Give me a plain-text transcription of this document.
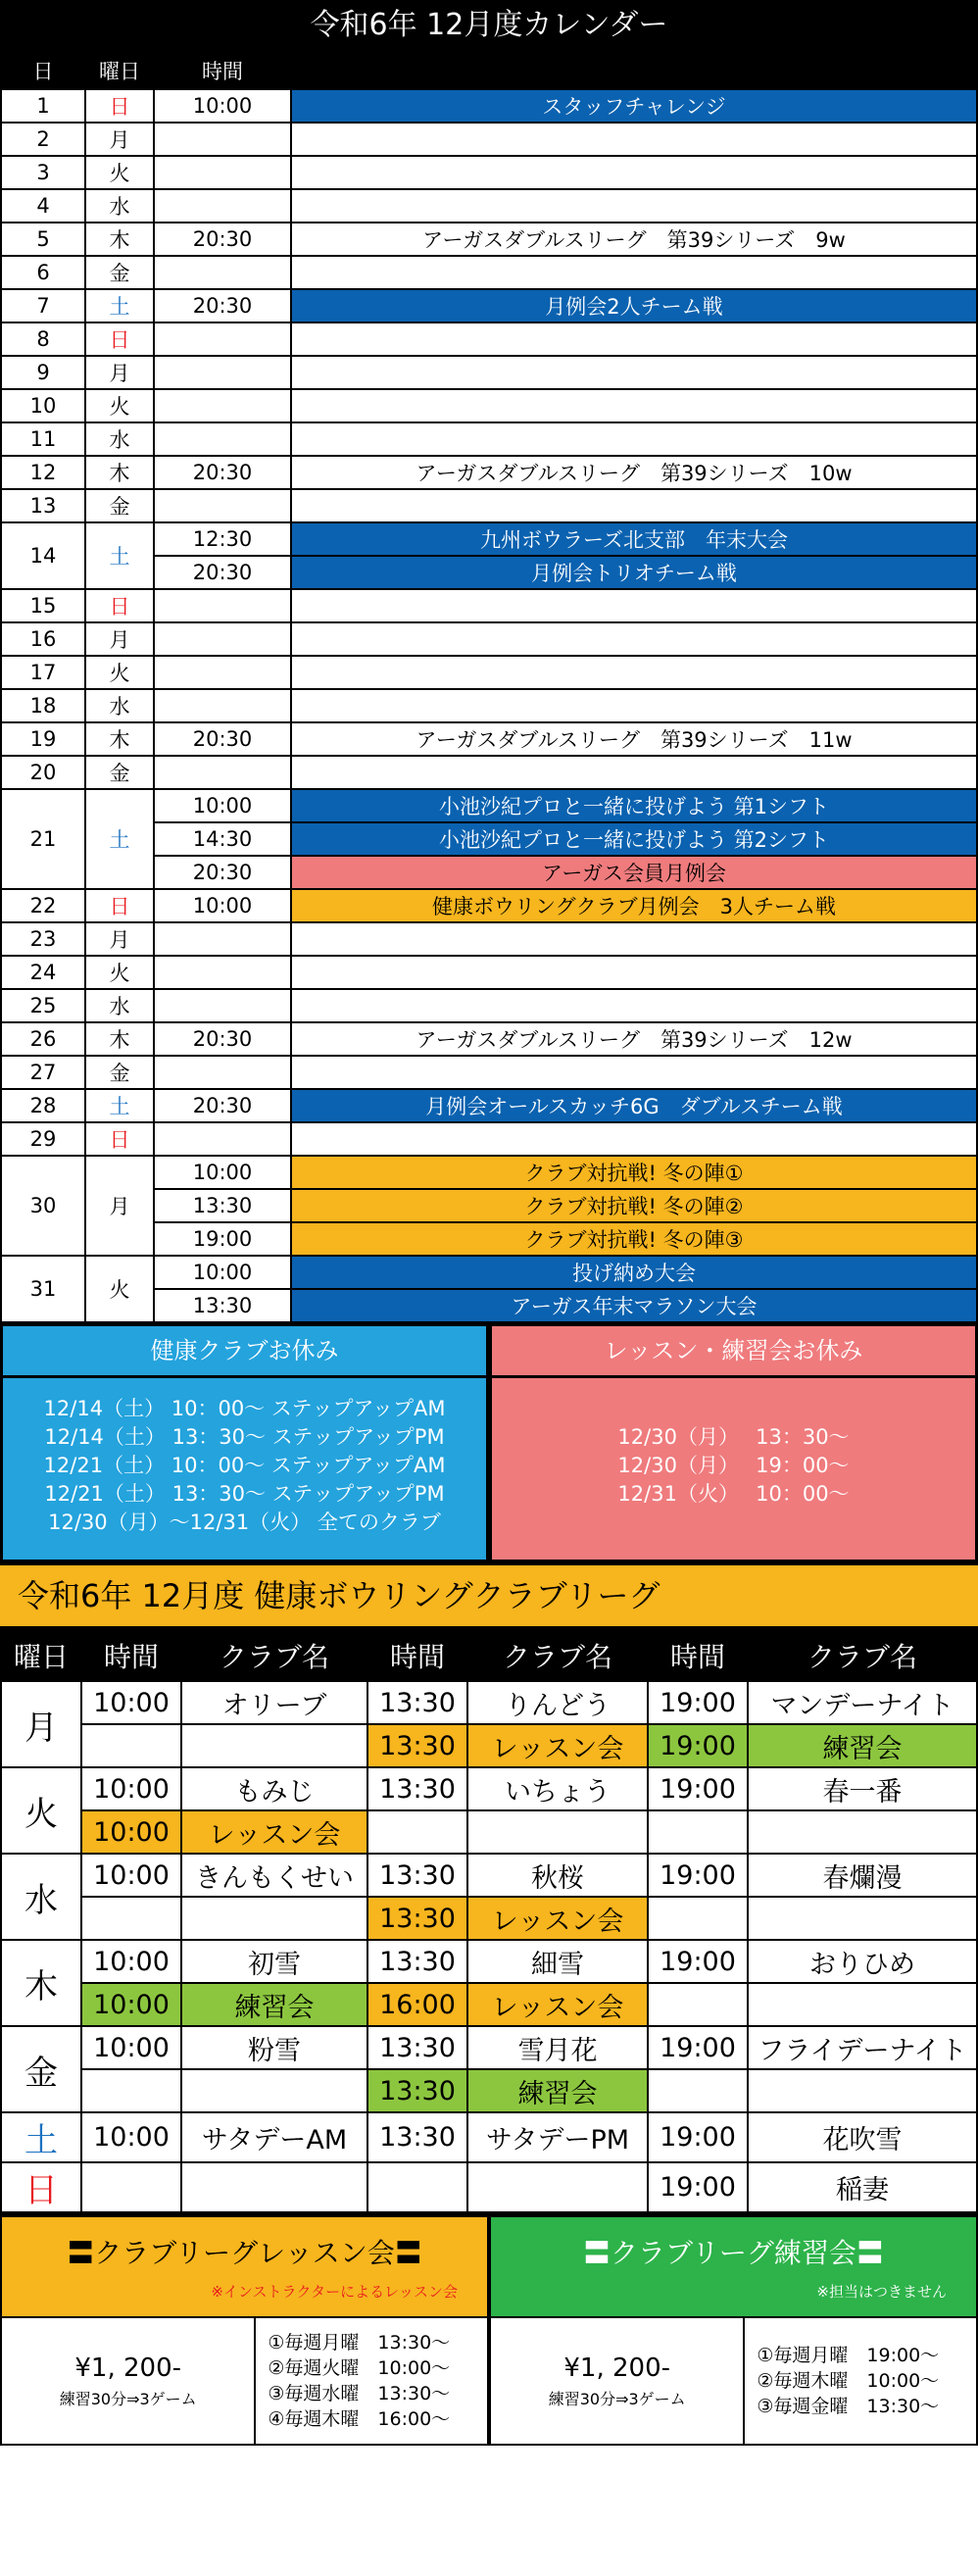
令和6年 12月度カレンダー
日	曜日	時間	
1	日	10:00	スタッフチャレンジ
2	月		
3	火		
4	水		
5	木	20:30	アーガスダブルスリーグ　第39シリーズ　9w
6	金		
7	土	20:30	月例会2人チーム戦
8	日		
9	月		
10	火		
11	水		
12	木	20:30	アーガスダブルスリーグ　第39シリーズ　10w
13	金		
14	土	12:30	九州ボウラーズ北支部　年末大会
		20:30	月例会トリオチーム戦
15	日		
16	月		
17	火		
18	水		
19	木	20:30	アーガスダブルスリーグ　第39シリーズ　11w
20	金		
21	土	10:00	小池沙紀プロと一緒に投げよう 第1シフト
		14:30	小池沙紀プロと一緒に投げよう 第2シフト
		20:30	アーガス会員月例会
22	日	10:00	健康ボウリングクラブ月例会　3人チーム戦
23	月		
24	火		
25	水		
26	木	20:30	アーガスダブルスリーグ　第39シリーズ　12w
27	金		
28	土	20:30	月例会オールスカッチ6G　ダブルスチーム戦
29	日		
30	月	10:00	クラブ対抗戦! 冬の陣①
		13:30	クラブ対抗戦! 冬の陣②
		19:00	クラブ対抗戦! 冬の陣③
31	火	10:00	投げ納め大会
		13:30	アーガス年末マラソン大会
健康クラブお休み
12/14（土） 10：00～ ステップアップAM
12/14（土） 13：30～ ステップアップPM
12/21（土） 10：00～ ステップアップAM
12/21（土） 13：30～ ステップアップPM
12/30（月）～12/31（火） 全てのクラブ
レッスン・練習会お休み
12/30（月）　 13：30～
12/30（月）　 19：00～
12/31（火）　 10：00～
令和6年 12月度 健康ボウリングクラブリーグ
曜日	時間	クラブ名	時間	クラブ名	時間	クラブ名
月	10:00	オリーブ	13:30	りんどう	19:00	マンデーナイト
			13:30	レッスン会	19:00	練習会
火	10:00	もみじ	13:30	いちょう	19:00	春一番
	10:00	レッスン会				
水	10:00	きんもくせい	13:30	秋桜	19:00	春爛漫
			13:30	レッスン会		
木	10:00	初雪	13:30	細雪	19:00	おりひめ
	10:00	練習会	16:00	レッスン会		
金	10:00	粉雪	13:30	雪月花	19:00	フライデーナイト
			13:30	練習会		
土	10:00	サタデーAM	13:30	サタデーPM	19:00	花吹雪
日					19:00	稲妻
〓クラブリーグレッスン会〓
※インストラクターによるレッスン会
¥1, 200-
練習30分⇒3ゲーム
①毎週月曜　13:30～
②毎週火曜　10:00～
③毎週水曜　13:30～
④毎週木曜　16:00～
〓クラブリーグ練習会〓
※担当はつきません
¥1, 200-
練習30分⇒3ゲーム
①毎週月曜　19:00～
②毎週木曜　10:00～
③毎週金曜　13:30～
